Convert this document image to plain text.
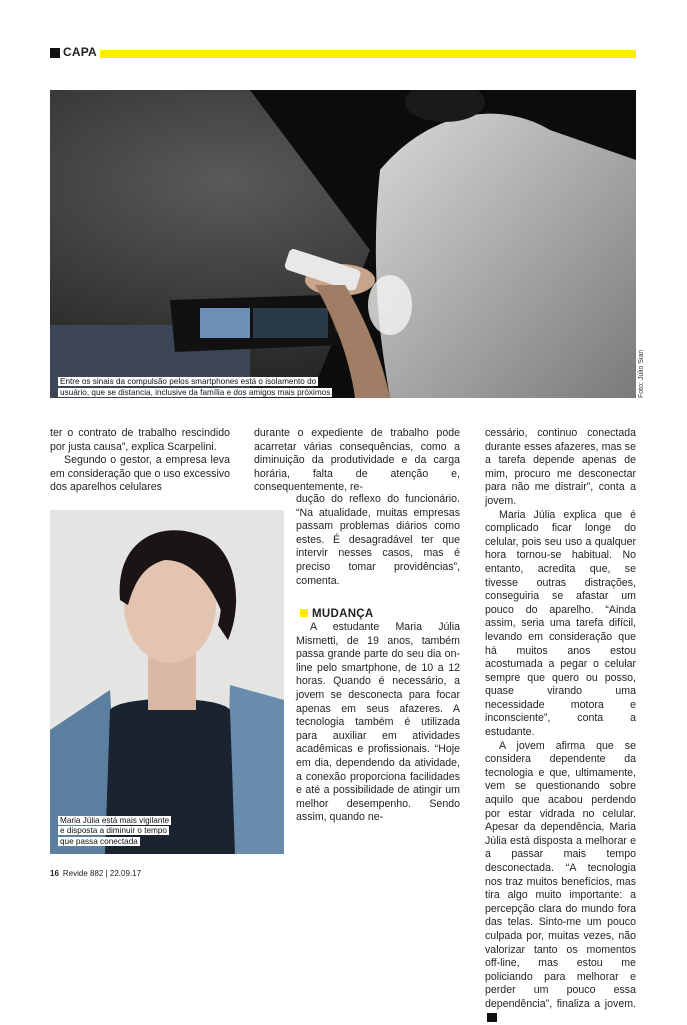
CAPA
Foto: Júlio Sian
Entre os sinais da compulsão pelos smartphones está o isolamento do
usuário, que se distancia, inclusive da família e dos amigos mais próximos

ter o contrato de trabalho rescindido por justa causa”, explica Scarpelini.

Segundo o gestor, a empresa leva em consideração que o uso excessivo dos aparelhos celulares

Maria Júlia está mais vigilante
e disposta a diminuir o tempo
que passa conectada

durante o expediente de trabalho pode acarretar várias consequências, como a diminuição da produtividade e da carga horária, falta de atenção e, consequentemente, re-

dução do reflexo do funcionário. “Na atualidade, muitas empresas passam problemas diários como estes. É desagradável ter que intervir nesses casos, mas é preciso tomar providências”, comenta.

MUDANÇA

A estudante Maria Júlia Mismetti, de 19 anos, também passa grande parte do seu dia on-line pelo smartphone, de 10 a 12 horas. Quando é necessário, a jovem se desconecta para focar apenas em seus afazeres. A tecnologia também é utilizada para auxiliar em atividades acadêmicas e profissionais. “Hoje em dia, dependendo da atividade, a conexão proporciona facilidades e até a possibilidade de atingir um melhor desempenho. Sendo assim, quando ne-

cessário, continuo conectada durante esses afazeres, mas se a tarefa depende apenas de mim, procuro me desconectar para não me distrair”, conta a jovem.

Maria Júlia explica que é complicado ficar longe do celular, pois seu uso a qualquer hora tornou-se habitual. No entanto, acredita que, se tivesse outras distrações, conseguiria se afastar um pouco do aparelho. “Ainda assim, seria uma tarefa difícil, levando em consideração que há muitos anos estou acostumada a pegar o celular sempre que quero ou posso, quase virando uma necessidade motora e inconsciente”, conta a estudante.

A jovem afirma que se considera dependente da tecnologia e que, ultimamente, vem se questionando sobre aquilo que acabou perdendo por estar vidrada no celular. Apesar da dependência, Maria Júlia está disposta a melhorar e a passar mais tempo desconectada. “A tecnologia nos traz muitos benefícios, mas tira algo muito importante: a percepção clara do mundo fora das telas. Sinto-me um pouco culpada por, muitas vezes, não valorizar tanto os momentos off-line, mas estou me policiando para melhorar e perder um pouco essa dependência”, finaliza a jovem.

16 Revide 882 | 22.09.17
